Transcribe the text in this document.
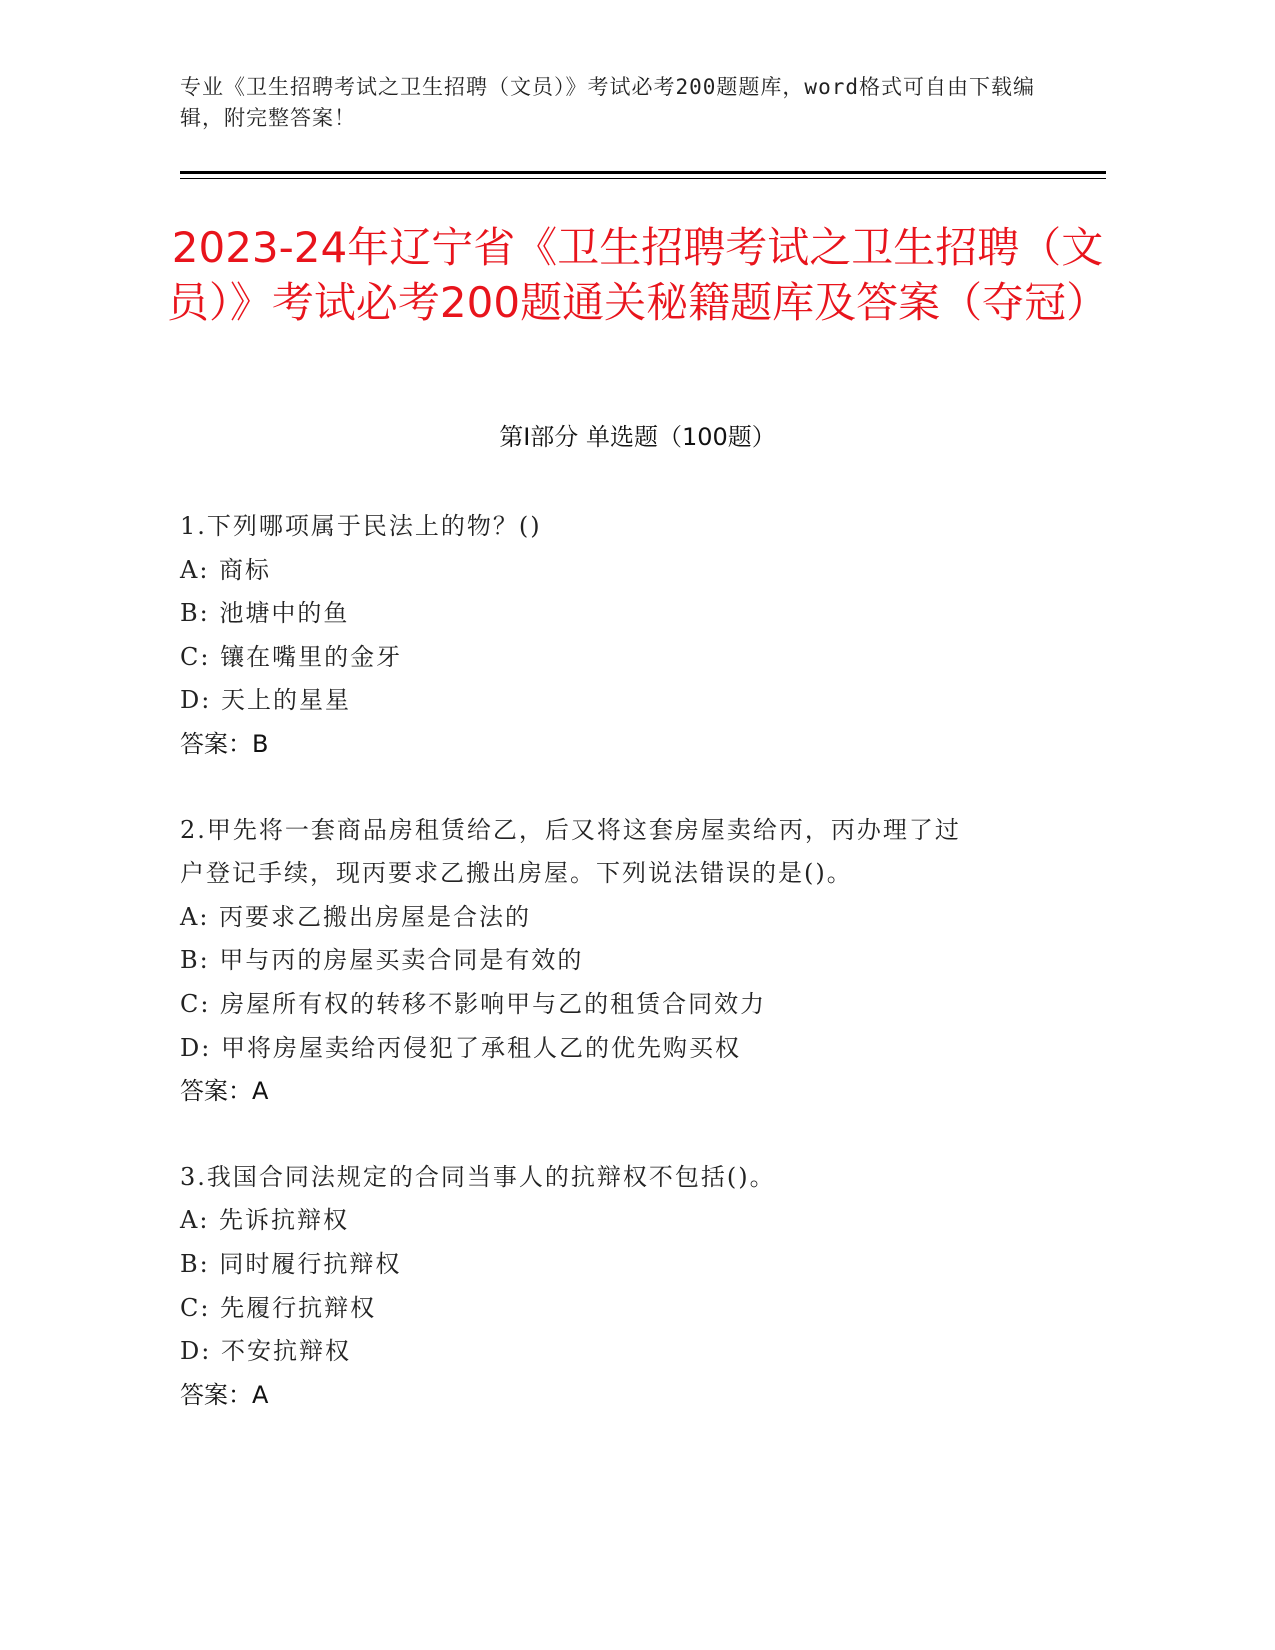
专业《卫生招聘考试之卫生招聘（文员）》考试必考200题题库，word格式可自由下载编辑，附完整答案！
2023-24年辽宁省《卫生招聘考试之卫生招聘（文员）》考试必考200题通关秘籍题库及答案（夺冠）
第I部分 单选题（100题）
1.下列哪项属于民法上的物？()
A: 商标
B: 池塘中的鱼
C: 镶在嘴里的金牙
D: 天上的星星
答案：B
2.甲先将一套商品房租赁给乙，后又将这套房屋卖给丙，丙办理了过
户登记手续，现丙要求乙搬出房屋。下列说法错误的是()。
A: 丙要求乙搬出房屋是合法的
B: 甲与丙的房屋买卖合同是有效的
C: 房屋所有权的转移不影响甲与乙的租赁合同效力
D: 甲将房屋卖给丙侵犯了承租人乙的优先购买权
答案：A
3.我国合同法规定的合同当事人的抗辩权不包括()。
A: 先诉抗辩权
B: 同时履行抗辩权
C: 先履行抗辩权
D: 不安抗辩权
答案：A
